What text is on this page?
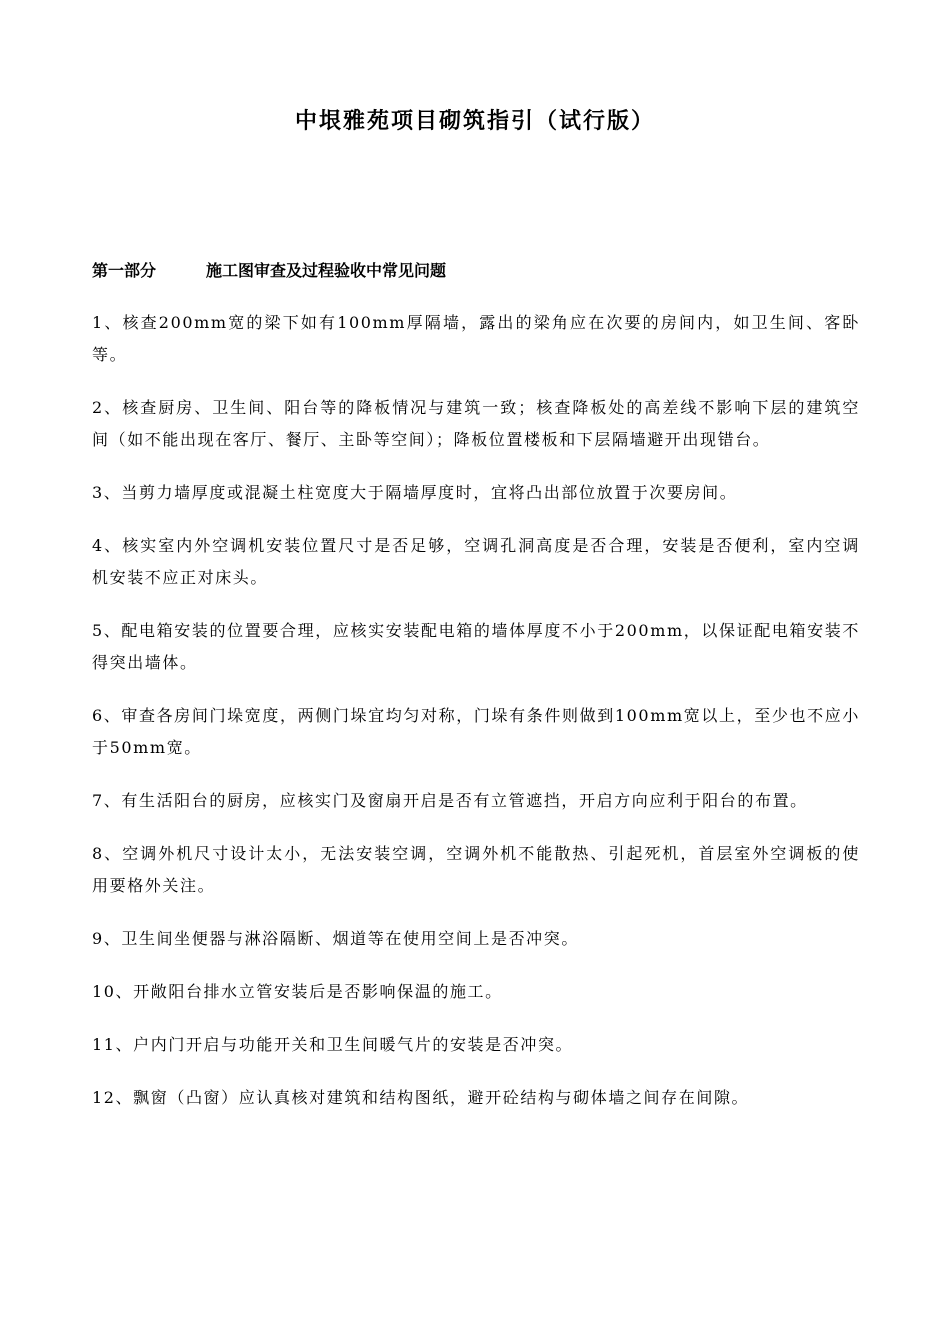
中垠雅苑项目砌筑指引（试行版）
第一部分	施工图审查及过程验收中常见问题
1、核查200mm宽的梁下如有100mm厚隔墙，露出的梁角应在次要的房间内，如卫生间、客卧等。
2、核查厨房、卫生间、阳台等的降板情况与建筑一致；核查降板处的高差线不影响下层的建筑空间（如不能出现在客厅、餐厅、主卧等空间）；降板位置楼板和下层隔墙避开出现错台。
3、当剪力墙厚度或混凝土柱宽度大于隔墙厚度时，宜将凸出部位放置于次要房间。
4、核实室内外空调机安装位置尺寸是否足够，空调孔洞高度是否合理，安装是否便利，室内空调机安装不应正对床头。
5、配电箱安装的位置要合理，应核实安装配电箱的墙体厚度不小于200mm，以保证配电箱安装不得突出墙体。
6、审查各房间门垛宽度，两侧门垛宜均匀对称，门垛有条件则做到100mm宽以上，至少也不应小于50mm宽。
7、有生活阳台的厨房，应核实门及窗扇开启是否有立管遮挡，开启方向应利于阳台的布置。
8、空调外机尺寸设计太小，无法安装空调，空调外机不能散热、引起死机，首层室外空调板的使用要格外关注。
9、卫生间坐便器与淋浴隔断、烟道等在使用空间上是否冲突。
10、开敞阳台排水立管安装后是否影响保温的施工。
11、户内门开启与功能开关和卫生间暖气片的安装是否冲突。
12、飘窗（凸窗）应认真核对建筑和结构图纸，避开砼结构与砌体墙之间存在间隙。
